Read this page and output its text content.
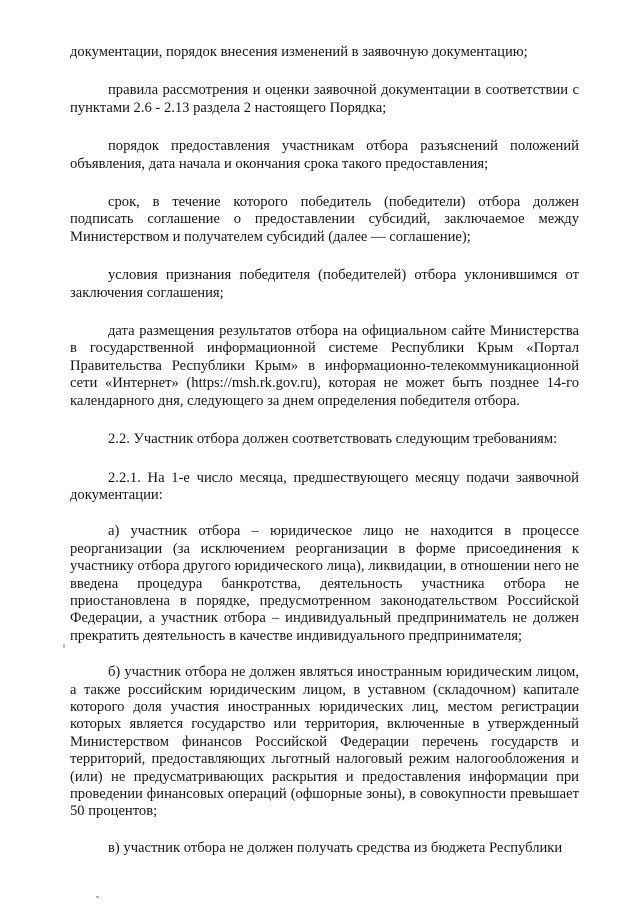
документации, порядок внесения изменений в заявочную документацию;

правила рассмотрения и оценки заявочной документации в соответствии с пунктами 2.6 - 2.13 раздела 2 настоящего Порядка;

порядок предоставления участникам отбора разъяснений положений объявления, дата начала и окончания срока такого предоставления;

срок, в течение которого победитель (победители) отбора должен подписать соглашение о предоставлении субсидий, заключаемое между Министерством и получателем субсидий (далее — соглашение);

условия признания победителя (победителей) отбора уклонившимся от заключения соглашения;

дата размещения результатов отбора на официальном сайте Министерства в государственной информационной системе Республики Крым «Портал Правительства Республики Крым» в информационно-телекоммуникационной сети «Интернет» (https://msh.rk.gov.ru), которая не может быть позднее 14-го календарного дня, следующего за днем определения победителя отбора.

2.2. Участник отбора должен соответствовать следующим требованиям:

2.2.1. На 1-е число месяца, предшествующего месяцу подачи заявочной документации:

а) участник отбора – юридическое лицо не находится в процессе реорганизации (за исключением реорганизации в форме присоединения к участнику отбора другого юридического лица), ликвидации, в отношении него не введена процедура банкротства, деятельность участника отбора не приостановлена в порядке, предусмотренном законодательством Российской Федерации, а участник отбора – индивидуальный предприниматель не должен прекратить деятельность в качестве индивидуального предпринимателя;

б) участник отбора не должен являться иностранным юридическим лицом, а также российским юридическим лицом, в уставном (складочном) капитале которого доля участия иностранных юридических лиц, местом регистрации которых является государство или территория, включенные в утвержденный Министерством финансов Российской Федерации перечень государств и территорий, предоставляющих льготный налоговый режим налогообложения и (или) не предусматривающих раскрытия и предоставления информации при проведении финансовых операций (офшорные зоны), в совокупности превышает 50 процентов;

в) участник отбора не должен получать средства из бюджета Республики
